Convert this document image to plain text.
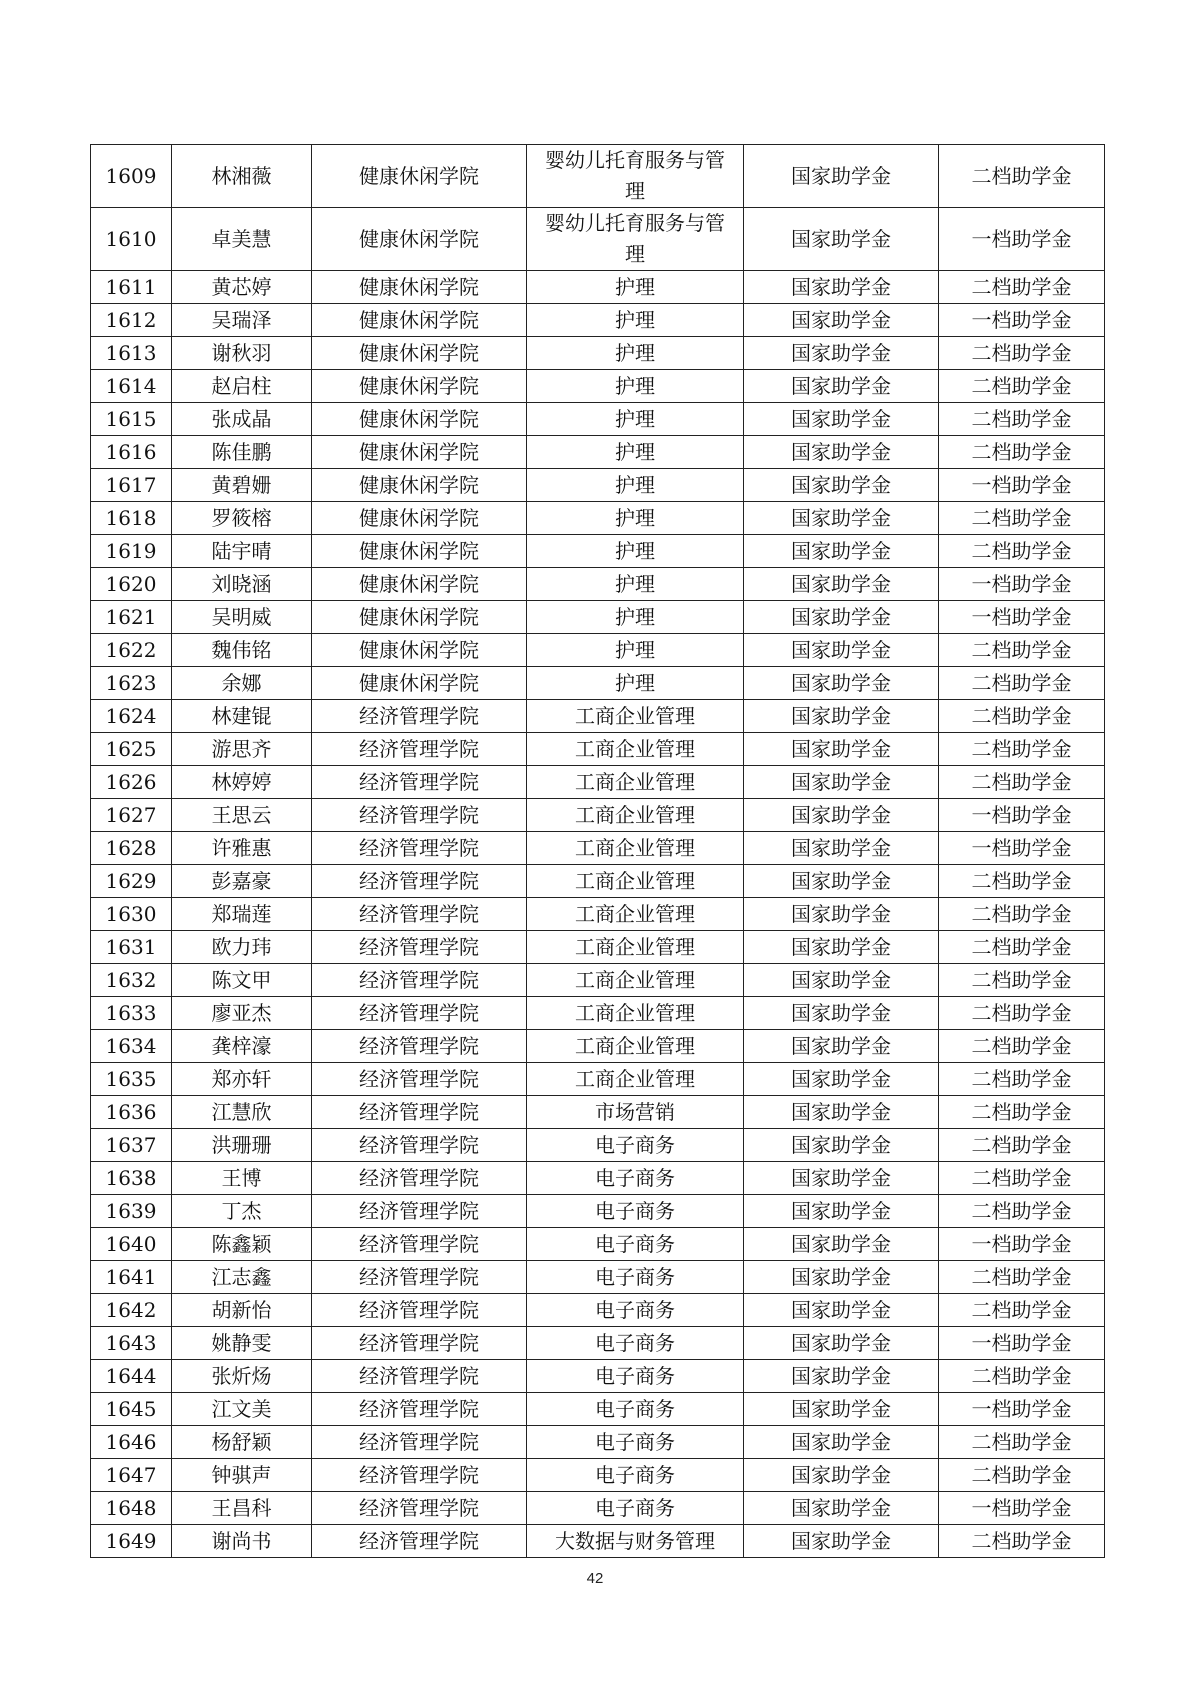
1609	林湘薇	健康休闲学院	婴幼儿托育服务与管理	国家助学金	二档助学金
1610	卓美慧	健康休闲学院	婴幼儿托育服务与管理	国家助学金	一档助学金
1611	黄芯婷	健康休闲学院	护理	国家助学金	二档助学金
1612	吴瑞泽	健康休闲学院	护理	国家助学金	一档助学金
1613	谢秋羽	健康休闲学院	护理	国家助学金	二档助学金
1614	赵启柱	健康休闲学院	护理	国家助学金	二档助学金
1615	张成晶	健康休闲学院	护理	国家助学金	二档助学金
1616	陈佳鹏	健康休闲学院	护理	国家助学金	二档助学金
1617	黄碧姗	健康休闲学院	护理	国家助学金	一档助学金
1618	罗筱榕	健康休闲学院	护理	国家助学金	二档助学金
1619	陆宇晴	健康休闲学院	护理	国家助学金	二档助学金
1620	刘晓涵	健康休闲学院	护理	国家助学金	一档助学金
1621	吴明威	健康休闲学院	护理	国家助学金	一档助学金
1622	魏伟铭	健康休闲学院	护理	国家助学金	二档助学金
1623	余娜	健康休闲学院	护理	国家助学金	二档助学金
1624	林建锟	经济管理学院	工商企业管理	国家助学金	二档助学金
1625	游思齐	经济管理学院	工商企业管理	国家助学金	二档助学金
1626	林婷婷	经济管理学院	工商企业管理	国家助学金	二档助学金
1627	王思云	经济管理学院	工商企业管理	国家助学金	一档助学金
1628	许雅惠	经济管理学院	工商企业管理	国家助学金	一档助学金
1629	彭嘉豪	经济管理学院	工商企业管理	国家助学金	二档助学金
1630	郑瑞莲	经济管理学院	工商企业管理	国家助学金	二档助学金
1631	欧力玮	经济管理学院	工商企业管理	国家助学金	二档助学金
1632	陈文甲	经济管理学院	工商企业管理	国家助学金	二档助学金
1633	廖亚杰	经济管理学院	工商企业管理	国家助学金	二档助学金
1634	龚梓濠	经济管理学院	工商企业管理	国家助学金	二档助学金
1635	郑亦轩	经济管理学院	工商企业管理	国家助学金	二档助学金
1636	江慧欣	经济管理学院	市场营销	国家助学金	二档助学金
1637	洪珊珊	经济管理学院	电子商务	国家助学金	二档助学金
1638	王博	经济管理学院	电子商务	国家助学金	二档助学金
1639	丁杰	经济管理学院	电子商务	国家助学金	二档助学金
1640	陈鑫颖	经济管理学院	电子商务	国家助学金	一档助学金
1641	江志鑫	经济管理学院	电子商务	国家助学金	二档助学金
1642	胡新怡	经济管理学院	电子商务	国家助学金	二档助学金
1643	姚静雯	经济管理学院	电子商务	国家助学金	一档助学金
1644	张炘炀	经济管理学院	电子商务	国家助学金	二档助学金
1645	江文美	经济管理学院	电子商务	国家助学金	一档助学金
1646	杨舒颖	经济管理学院	电子商务	国家助学金	二档助学金
1647	钟骐声	经济管理学院	电子商务	国家助学金	二档助学金
1648	王昌科	经济管理学院	电子商务	国家助学金	一档助学金
1649	谢尚书	经济管理学院	大数据与财务管理	国家助学金	二档助学金
42
